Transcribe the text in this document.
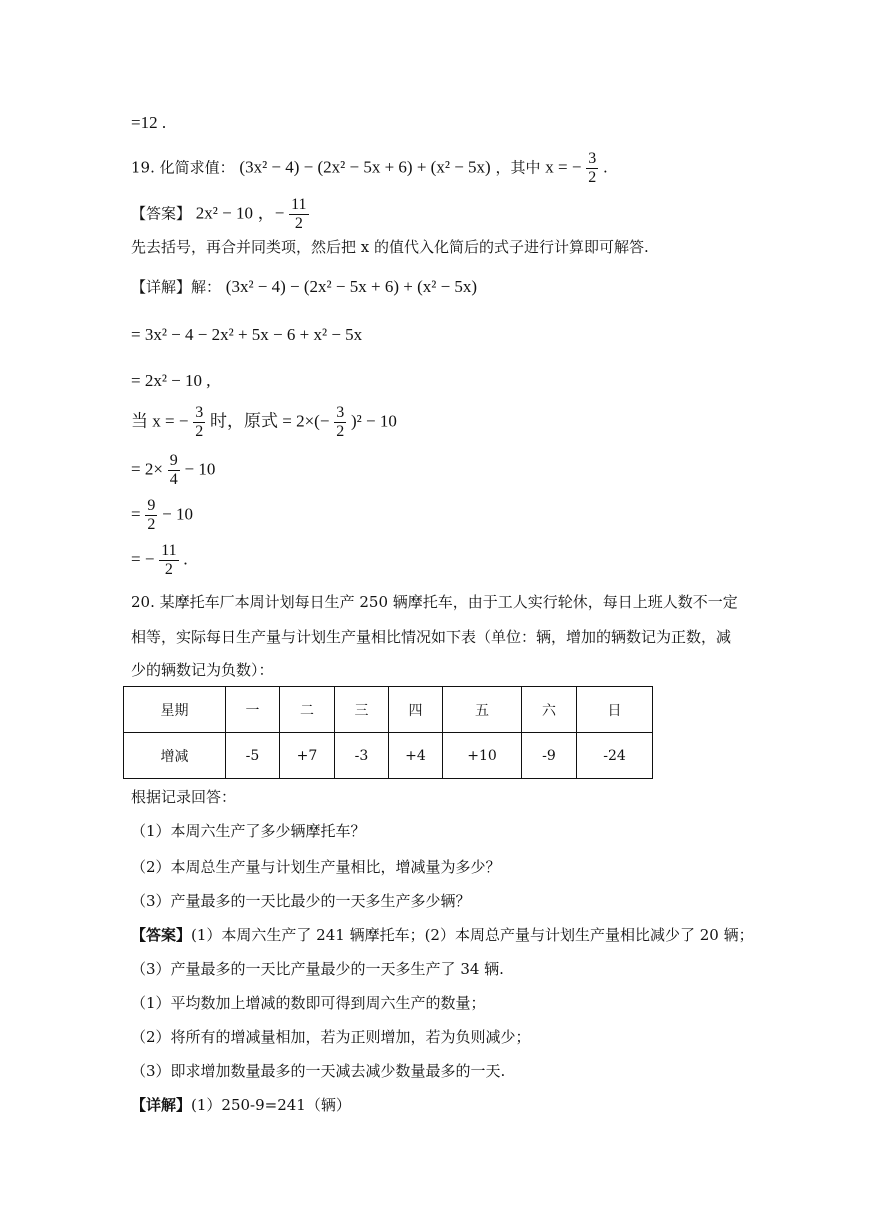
=12 .
19. 化简求值： (3x² − 4) − (2x² − 5x + 6) + (x² − 5x) ，其中 x = − $\frac{3}{2}$ .
【答案】 2x² − 10 ，− $\frac{11}{2}$
先去括号，再合并同类项，然后把 x 的值代入化简后的式子进行计算即可解答.
【详解】解： (3x² − 4) − (2x² − 5x + 6) + (x² − 5x)
= 3x² − 4 − 2x² + 5x − 6 + x² − 5x
= 2x² − 10 ,
当 x = − $\frac{3}{2}$ 时，原式 = $2\times(- \frac{3}{2} )^2 - 10$
= $2\times \frac{9}{4} - 10$
= $\frac{9}{2} - 10$
= − $\frac{11}{2}$ .
20. 某摩托车厂本周计划每日生产 250 辆摩托车，由于工人实行轮休，每日上班人数不一定
相等，实际每日生产量与计划生产量相比情况如下表（单位：辆，增加的辆数记为正数，减
少的辆数记为负数）：
星期	一	二	三	四	五	六	日
增减	-5	+7	-3	+4	+10	-9	-24
根据记录回答：
（1）本周六生产了多少辆摩托车？
（2）本周总生产量与计划生产量相比，增减量为多少？
（3）产量最多的一天比最少的一天多生产多少辆？
【答案】(1）本周六生产了 241 辆摩托车；(2）本周总产量与计划生产量相比减少了 20 辆；
（3）产量最多的一天比产量最少的一天多生产了 34 辆.
（1）平均数加上增减的数即可得到周六生产的数量；
（2）将所有的增减量相加，若为正则增加，若为负则减少；
（3）即求增加数量最多的一天减去减少数量最多的一天.
【详解】(1）250-9=241（辆）
